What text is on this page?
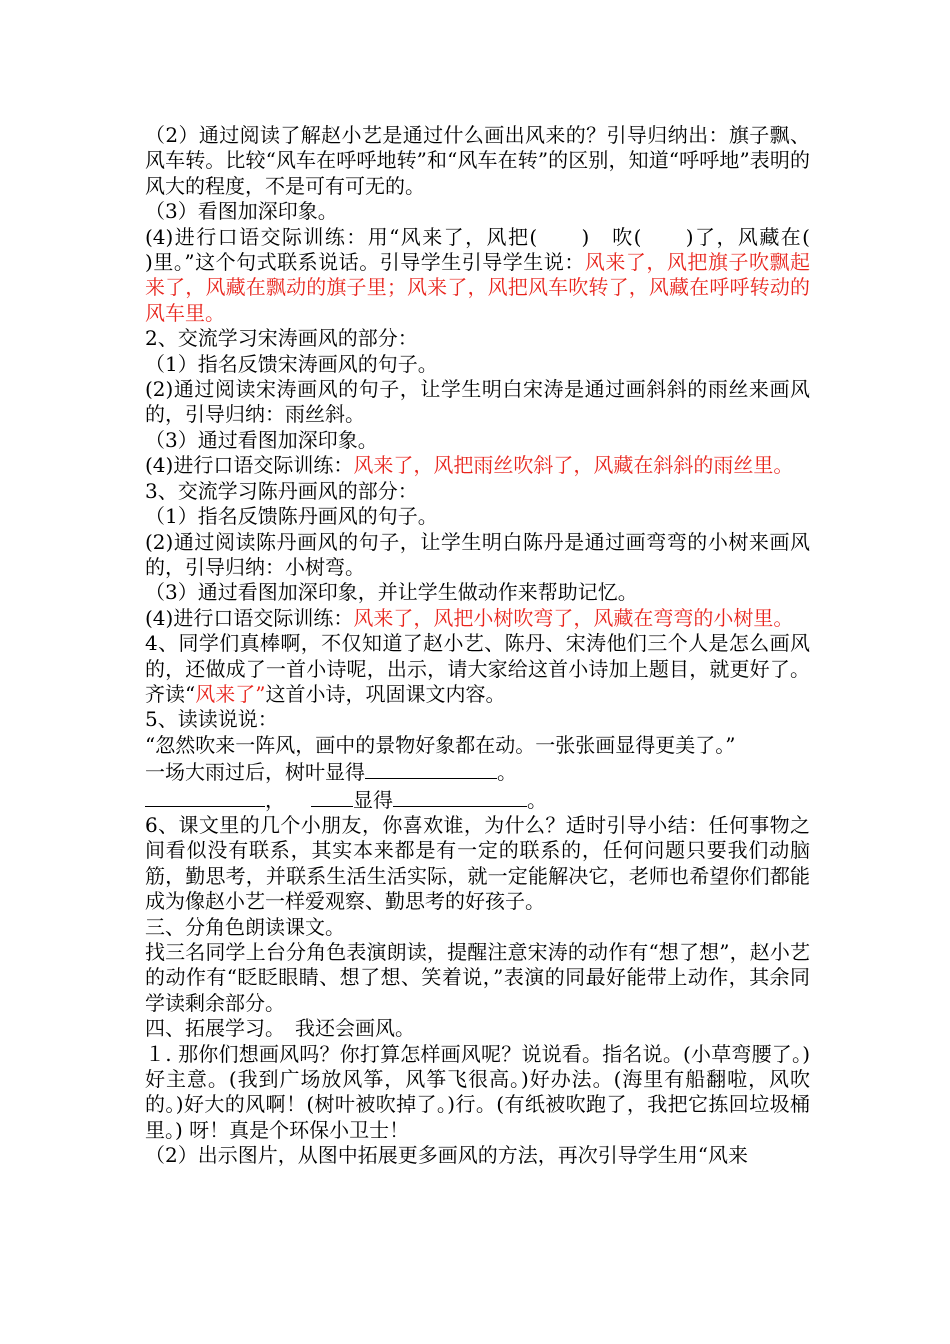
（2）通过阅读了解赵小艺是通过什么画出风来的？引导归纳出：旗子飘、风车转。比较“风车在呼呼地转”和“风车在转”的区别，知道“呼呼地”表明的风大的程度，不是可有可无的。

（3）看图加深印象。

(4)进行口语交际训练：用“风来了，风把(　　)　吹(　　)了，风藏在(　　)里。”这个句式联系说话。引导学生引导学生说：风来了，风把旗子吹飘起来了，风藏在飘动的旗子里；风来了，风把风车吹转了，风藏在呼呼转动的风车里。

2、交流学习宋涛画风的部分：

（1）指名反馈宋涛画风的句子。

(2)通过阅读宋涛画风的句子，让学生明白宋涛是通过画斜斜的雨丝来画风的，引导归纳：雨丝斜。

（3）通过看图加深印象。

(4)进行口语交际训练：风来了，风把雨丝吹斜了，风藏在斜斜的雨丝里。

3、交流学习陈丹画风的部分：

（1）指名反馈陈丹画风的句子。

(2)通过阅读陈丹画风的句子，让学生明白陈丹是通过画弯弯的小树来画风的，引导归纳：小树弯。

（3）通过看图加深印象，并让学生做动作来帮助记忆。

(4)进行口语交际训练：风来了，风把小树吹弯了，风藏在弯弯的小树里。

4、同学们真棒啊，不仅知道了赵小艺、陈丹、宋涛他们三个人是怎么画风的，还做成了一首小诗呢，出示，请大家给这首小诗加上题目，就更好了。齐读“风来了”这首小诗，巩固课文内容。

5、读读说说：

“忽然吹来一阵风，画中的景物好象都在动。一张张画显得更美了。”

一场大雨过后，树叶显得	。

，	显得	。

6、课文里的几个小朋友，你喜欢谁，为什么？适时引导小结：任何事物之间看似没有联系，其实本来都是有一定的联系的，任何问题只要我们动脑筋，勤思考，并联系生活生活实际，就一定能解决它，老师也希望你们都能成为像赵小艺一样爱观察、勤思考的好孩子。

三、分角色朗读课文。

找三名同学上台分角色表演朗读，提醒注意宋涛的动作有“想了想”，赵小艺的动作有“眨眨眼睛、想了想、笑着说，”表演的同最好能带上动作，其余同学读剩余部分。

四、拓展学习。　我还会画风。

１. 那你们想画风吗？你打算怎样画风呢？说说看。指名说。(小草弯腰了。)好主意。(我到广场放风筝，风筝飞很高。)好办法。(海里有船翻啦，风吹的。)好大的风啊！(树叶被吹掉了。)行。(有纸被吹跑了，我把它拣回垃圾桶里。) 呀！真是个环保小卫士！

（2）出示图片，从图中拓展更多画风的方法，再次引导学生用“风来
